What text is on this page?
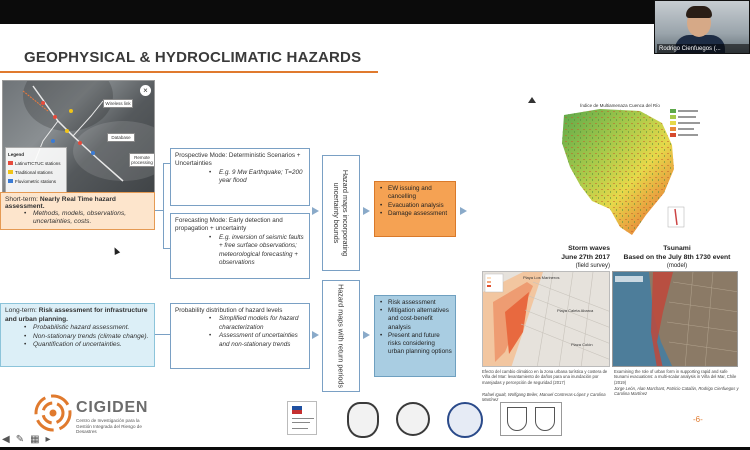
Rodrigo Cienfuegos (...
GEOPHYSICAL & HYDROCLIMATIC HAZARDS
Wireless link
Database
Remote processing
×
Legend
LatinoTICTUC stations
Traditional stations
Fluviometric stations
Short-term: Nearly Real Time hazard assessment.
• Methods, models, observations, uncertainties, costs.
Long-term: Risk assessment for infrastructure and urban planning.
• Probabilistic hazard assessment.
• Non-stationary trends (climate change).
• Quantification of uncertainties.
Prospective Mode: Deterministic Scenarios + Uncertainties
• E.g. 9 Mw Earthquake; T=200 year flood
Forecasting Mode: Early detection and propagation + uncertainty
• E.g. inversion of seismic faults + free surface observations; meteorological forecasting + observations
Probability distribution of hazard levels
• Simplified models for hazard characterization
• Assessment of uncertainties and non-stationary trends
Hazard maps incorporating uncertainty bounds
Hazard maps with return periods
• EW issuing and cancelling
• Evacuation analysis
• Damage assessment
• Risk assessment
• Mitigation alternatives and cost-benefit analysis
• Present and future risks considering urban planning options
Índice de Multiamenaza Cuenca del Río
Storm waves
June 27th 2017
(field survey)
Tsunami
Based on the July 8th 1730 event
(model)
Playa Los Marineros
Playa Caleta Abarca
Plaza Colón
Efecto del cambio climático en la zona urbana turística y costera de Viña del Mar: levantamiento de daños para una inundación por marejadas y percepción de seguridad (2017)
Rafael Igualt, Wolfgang Beiler, Manuel Contreras-López y Carolina Martínez
Examining the role of urban form in supporting rapid and safe tsunami evacuations: a multi-scalar analysis in Viña del Mar, Chile (2019)
Jorge León, Alan Marchant, Patricio Catalán, Rodrigo Cienfuegos y Carolina Martínez
CIGIDEN
Centro de Investigación para la Gestión Integrada del Riesgo de Desastres
-6-
◀ ✎ ▦ ▸
